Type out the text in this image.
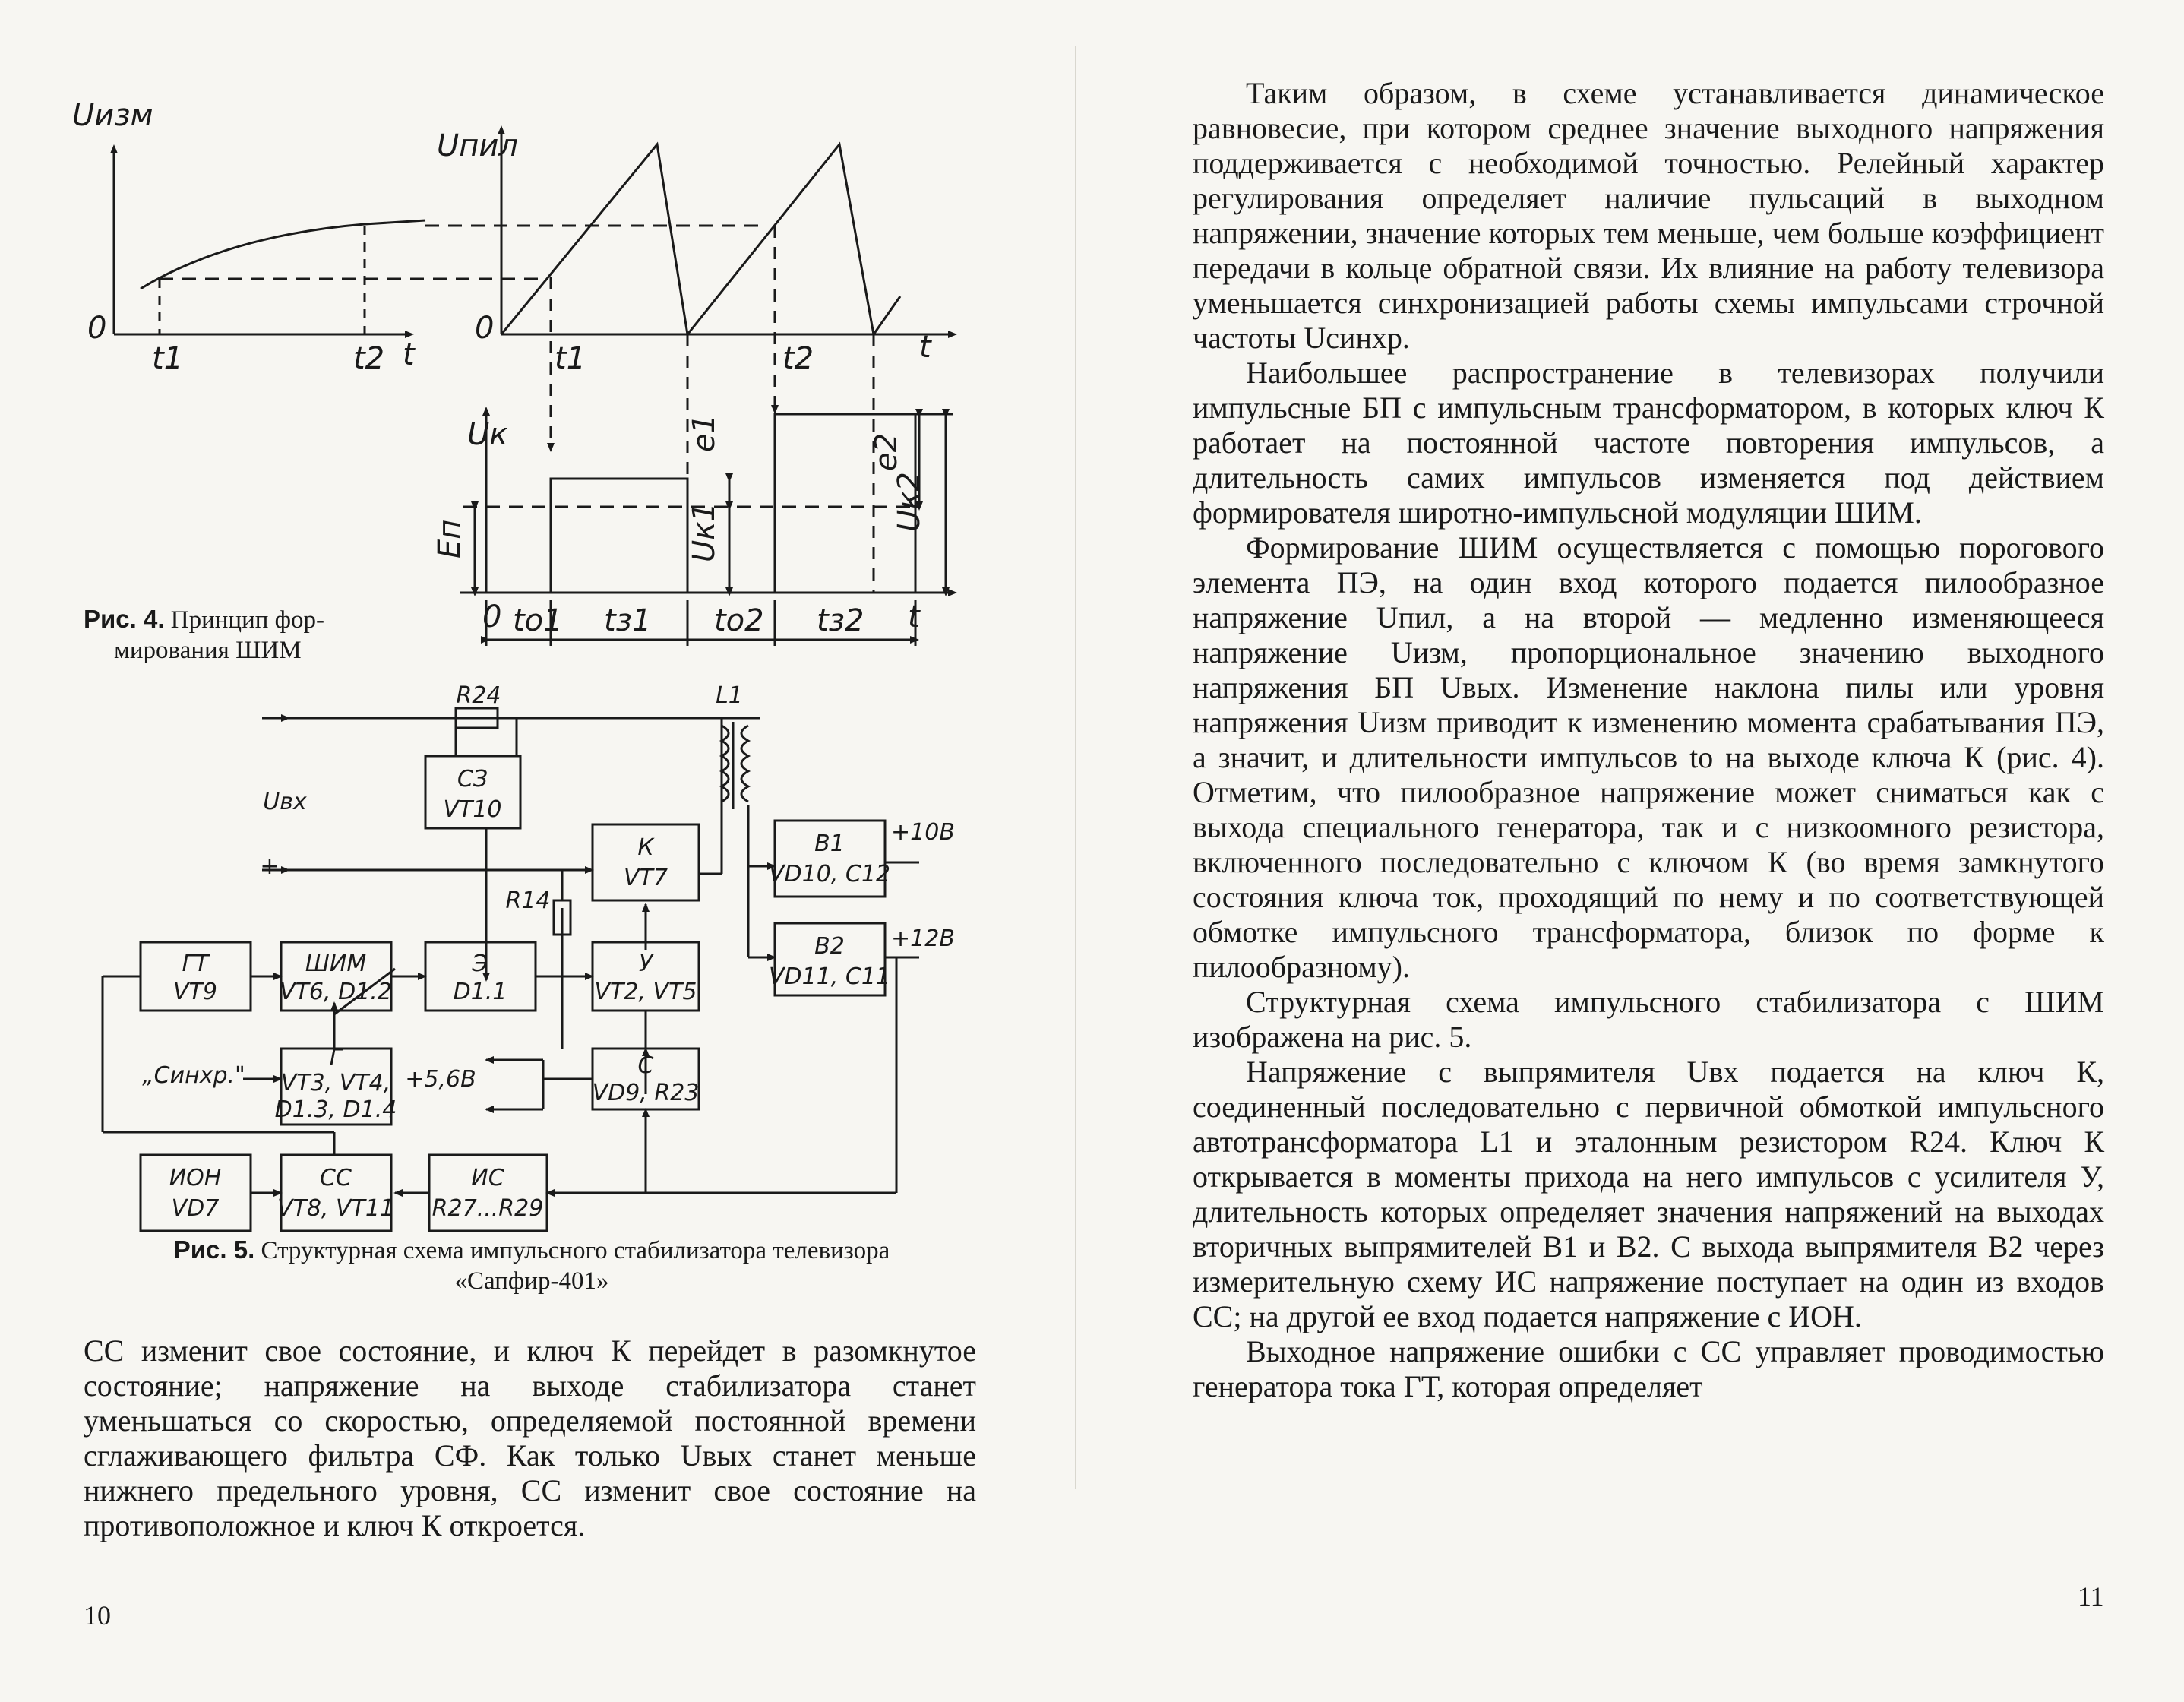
Uизм
0
t1	t2 t
Uпил
0
t1	t2	t
Uк
Eп
e1
Uк1
e2
Uк2
0 tо1 tз1 tо2 tз2 t
Рис. 4. Принцип фор-
мирования ШИМ
R24	L1
Uвх
+
R14
+10В
+12В
+5,6В
„Синхр."
СЗ
VT10
К
VT7
В1
VD10, C12
ГТ
VT9
ШИМ
VT6, D1.2
Э
D1.1
У
VT2, VT5
В2
VD11, C11
Г
VT3, VT4,
D1.3, D1.4
С
VD9, R23
ИОН
VD7
СС
VT8, VT11
ИС
R27...R29
Рис. 5. Структурная схема импульсного стабилизатора телевизора
«Сапфир-401»

СС изменит свое состояние, и ключ К перейдет в разомкнутое состояние; напряжение на выходе стабилизатора станет уменьшаться со скоростью, определяемой постоянной времени сглаживающего фильтра СФ. Как только Uвых станет меньше нижнего предельного уровня, СС изменит свое состояние на противоположное и ключ К откроется.

10

Таким образом, в схеме устанавливается динамическое равновесие, при котором среднее значение выходного напряжения поддерживается с необходимой точностью. Релейный характер регулирования определяет наличие пульсаций в выходном напряжении, значение которых тем меньше, чем больше коэффициент передачи в кольце обратной связи. Их влияние на работу телевизора уменьшается синхронизацией работы схемы импульсами строчной частоты Uсинхр.

Наибольшее распространение в телевизорах получили импульсные БП с импульсным трансформатором, в которых ключ К работает на постоянной частоте повторения импульсов, а длительность самих импульсов изменяется под действием формирователя широтно-импульсной модуляции ШИМ.

Формирование ШИМ осуществляется с помощью порогового элемента ПЭ, на один вход которого подается пилообразное напряжение Uпил, а на второй — медленно изменяющееся напряжение Uизм, пропорциональное значению выходного напряжения БП Uвых. Изменение наклона пилы или уровня напряжения Uизм приводит к изменению момента срабатывания ПЭ, а значит, и длительности импульсов tо на выходе ключа К (рис. 4). Отметим, что пилообразное напряжение может сниматься как с выхода специального генератора, так и с низкоомного резистора, включенного последовательно с ключом К (во время замкнутого состояния ключа ток, проходящий по нему и по соответствующей обмотке импульсного трансформатора, близок по форме к пилообразному).

Структурная схема импульсного стабилизатора с ШИМ изображена на рис. 5.

Напряжение с выпрямителя Uвх подается на ключ К, соединенный последовательно с первичной обмоткой импульсного автотрансформатора L1 и эталонным резистором R24. Ключ К открывается в моменты прихода на него импульсов с усилителя У, длительность которых определяет значения напряжений на выходах вторичных выпрямителей В1 и В2. С выхода выпрямителя В2 через измерительную схему ИС напряжение поступает на один из входов СС; на другой ее вход подается напряжение с ИОН.

Выходное напряжение ошибки с СС управляет проводимостью генератора тока ГТ, которая определяет

11
